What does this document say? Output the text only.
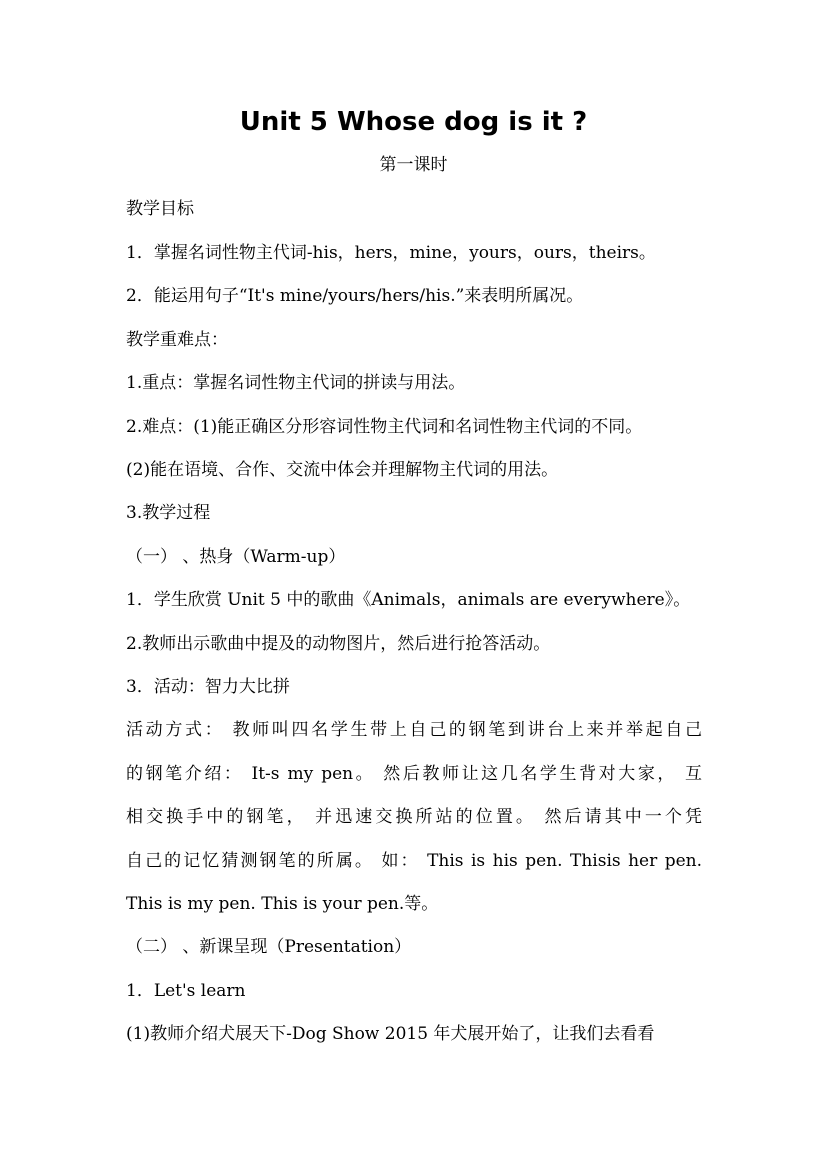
Unit 5 Whose dog is it ?
第一课时
教学目标
1．掌握名词性物主代词-his，hers，mine，yours，ours，theirs。
2．能运用句子“It's mine/yours/hers/his.”来表明所属况。
教学重难点：
1.重点：掌握名词性物主代词的拼读与用法。
2.难点：(1)能正确区分形容词性物主代词和名词性物主代词的不同。
(2)能在语境、合作、交流中体会并理解物主代词的用法。
3.教学过程
（一） 、热身（Warm-up）
1．学生欣赏 Unit 5 中的歌曲《Animals，animals are everywhere》。
2.教师出示歌曲中提及的动物图片，然后进行抢答活动。
3．活动：智力大比拼
活动方式： 教师叫四名学生带上自己的钢笔到讲台上来并举起自己
的钢笔介绍： It-s my pen。 然后教师让这几名学生背对大家， 互
相交换手中的钢笔， 并迅速交换所站的位置。 然后请其中一个凭
自己的记忆猜测钢笔的所属。 如： This is his pen. Thisis her pen.
This is my pen. This is your pen.等。
（二） 、新课呈现（Presentation）
1．Let's learn
(1)教师介绍犬展天下-Dog Show 2015 年犬展开始了，让我们去看看
